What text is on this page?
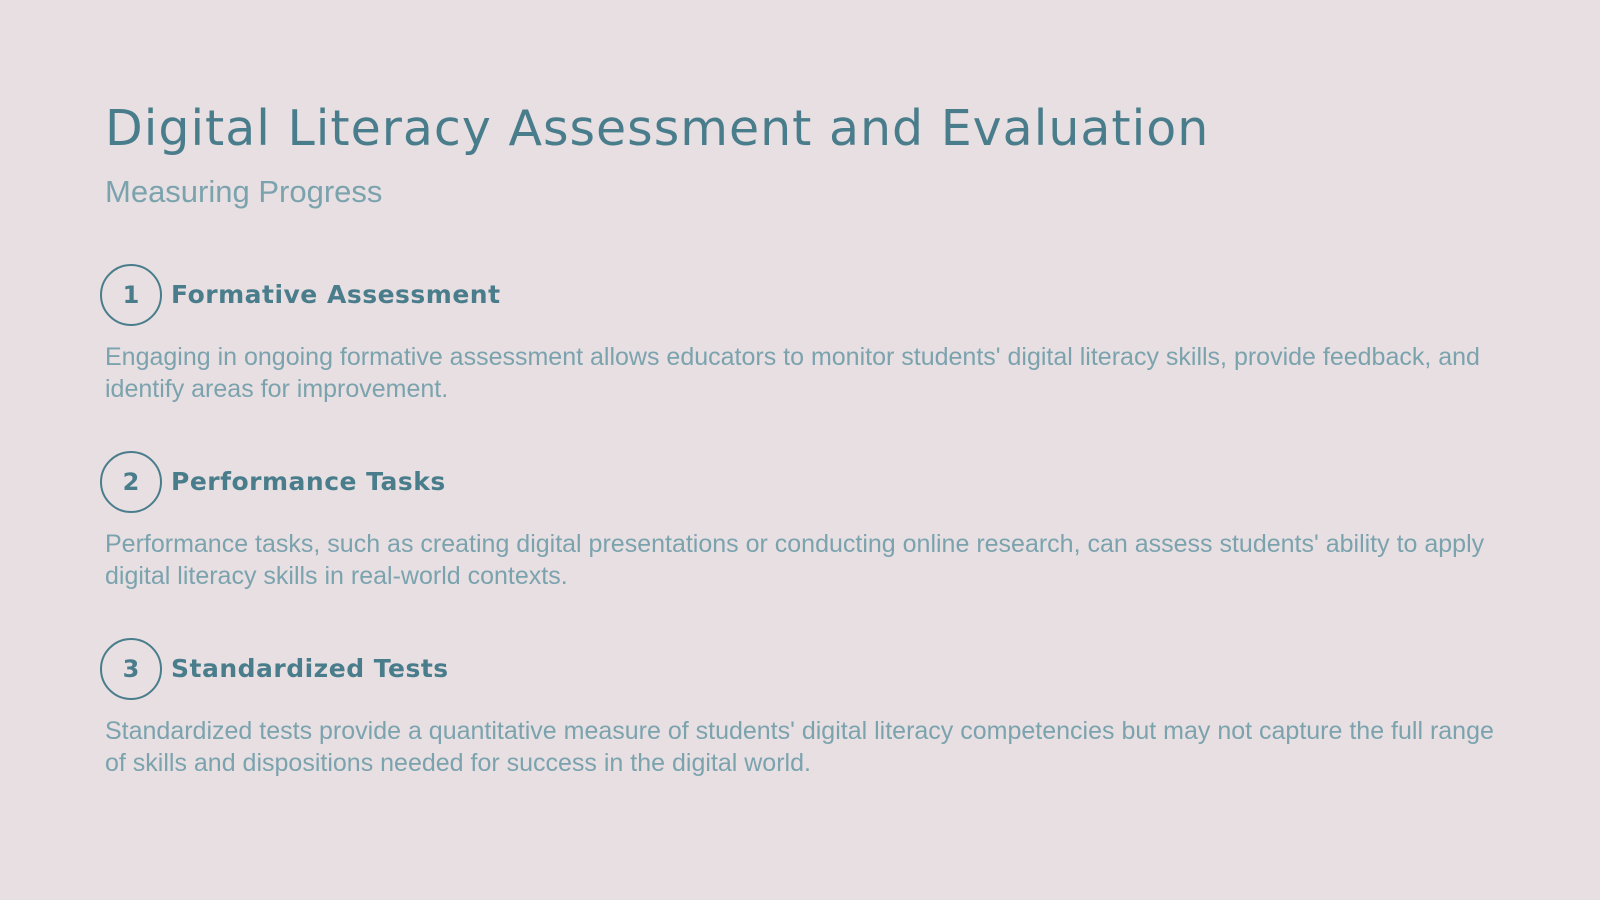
Digital Literacy Assessment and Evaluation
Measuring Progress
1	Formative Assessment

Engaging in ongoing formative assessment allows educators to monitor students' digital literacy skills, provide feedback, and identify areas for improvement.

2	Performance Tasks

Performance tasks, such as creating digital presentations or conducting online research, can assess students' ability to apply digital literacy skills in real-world contexts.

3	Standardized Tests

Standardized tests provide a quantitative measure of students' digital literacy competencies but may not capture the full range of skills and dispositions needed for success in the digital world.
